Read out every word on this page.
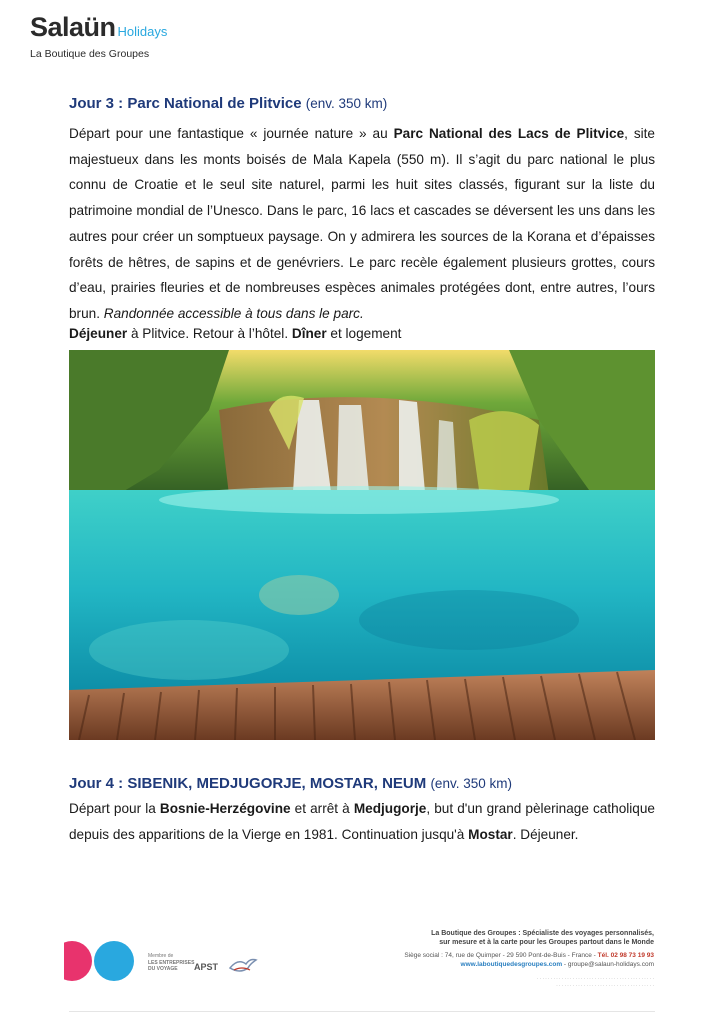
Salaün Holidays
La Boutique des Groupes
Jour 3 : Parc National de Plitvice (env. 350 km)

Départ pour une fantastique « journée nature » au Parc National des Lacs de Plitvice, site majestueux dans les monts boisés de Mala Kapela (550 m). Il s’agit du parc national le plus connu de Croatie et le seul site naturel, parmi les huit sites classés, figurant sur la liste du patrimoine mondial de l’Unesco. Dans le parc, 16 lacs et cascades se déversent les uns dans les autres pour créer un somptueux paysage. On y admirera les sources de la Korana et d’épaisses forêts de hêtres, de sapins et de genévriers. Le parc recèle également plusieurs grottes, cours d’eau, prairies fleuries et de nombreuses espèces animales protégées dont, entre autres, l’ours brun. Randonnée accessible à tous dans le parc.

Déjeuner à Plitvice. Retour à l’hôtel. Dîner et logement

Jour 4 : SIBENIK, MEDJUGORJE, MOSTAR, NEUM (env. 350 km)

Départ pour la Bosnie-Herzégovine et arrêt à Medjugorje, but d'un grand pèlerinage catholique depuis des apparitions de la Vierge en 1981. Continuation jusqu'à Mostar. Déjeuner.

Membre de
LES ENTREPRISES
DU VOYAGE APST
La Boutique des Groupes : Spécialiste des voyages personnalisés,
sur mesure et à la carte pour les Groupes partout dans le Monde
Siège social : 74, rue de Quimper - 29 590 Pont-de-Buis - France - Tél. 02 98 73 19 93
www.laboutiquedesgroupes.com - groupe@salaun-holidays.com
· · · · · · · · · · · · · · · · · · · · · · · · · · · · · · · · · · · · · · · · · · ·
· · · · · · · · · · · · · · · · · · · · · · · · · · · · · · · · · · · ·
